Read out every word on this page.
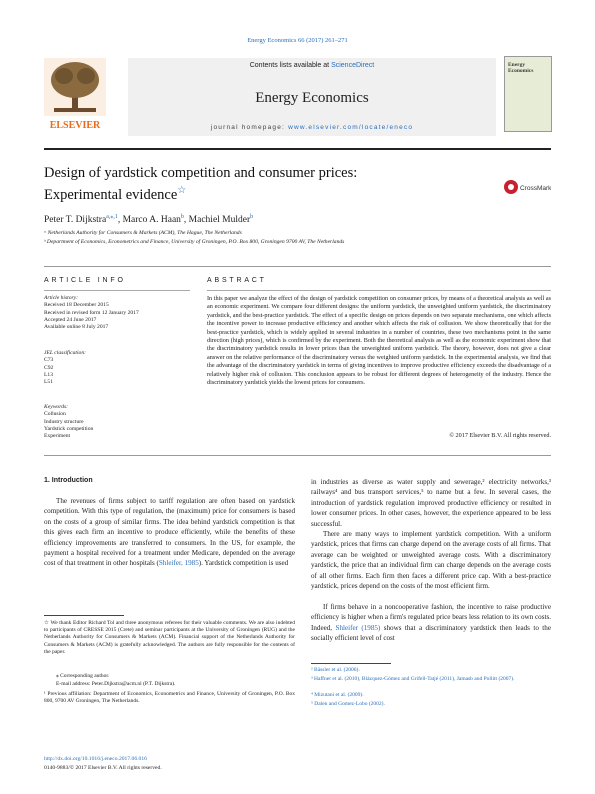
Energy Economics 66 (2017) 261–271
ELSEVIER
Contents lists available at ScienceDirect
Energy Economics
journal homepage: www.elsevier.com/locate/eneco
Energy Economics
Design of yardstick competition and consumer prices:
Experimental evidence☆	CrossMark
Peter T. Dijkstra$^{a,⁎,1}$, Marco A. Haan$^b$, Machiel Mulder$^b$
ᵃ Netherlands Authority for Consumers & Markets (ACM), The Hague, The Netherlands
ᵇ Department of Economics, Econometrics and Finance, University of Groningen, P.O. Box 800, Groningen 9700 AV, The Netherlands
ARTICLE INFO
Article history:
Received 18 December 2015
Received in revised form 12 January 2017
Accepted 24 June 2017
Available online 8 July 2017
JEL classification:
C73
C92
L13
L51
Keywords:
Collusion
Industry structure
Yardstick competition
Experiment
ABSTRACT
In this paper we analyze the effect of the design of yardstick competition on consumer prices, by means of a theoretical analysis as well as an economic experiment. We compare four different designs: the uniform yardstick, the unweighted uniform yardstick, the discriminatory yardstick, and the best-practice yardstick. The effect of a specific design on prices depends on two separate mechanisms, one which affects the incentive power to increase productive efficiency and another which affects the risk of collusion. We show theoretically that for the best-practice yardstick, which is widely applied in several industries in a number of countries, these two mechanisms point in the same direction (high prices), which is confirmed by the experiment. Both the theoretical analysis as well as the economic experiment show that the discriminatory yardstick results in lower prices than the unweighted uniform yardstick. The theory, however, does not give a clear answer on the relative performance of the discriminatory versus the weighted uniform yardstick. In the experimental analysis, we find that the advantage of the discriminatory yardstick in terms of giving incentives to improve productive efficiency exceeds the disadvantage of a relatively higher risk of collusion. This conclusion appears to be robust for different degrees of heterogeneity of the industry. Hence the discriminatory yardstick yields the lowest prices for consumers.
© 2017 Elsevier B.V. All rights reserved.
1. Introduction

The revenues of firms subject to tariff regulation are often based on yardstick competition. With this type of regulation, the (maximum) price for consumers is based on the costs of a group of similar firms. The idea behind yardstick competition is that this gives each firm an incentive to produce efficiently, while the benefits of these efficiency improvements are transferred to consumers. In the US, for example, the payment a hospital received for a treatment under Medicare, depended on the average cost of that treatment in other hospitals (Shleifer, 1985). Yardstick competition is used

☆ We thank Editor Richard Tol and three anonymous referees for their valuable comments. We are also indebted to participants of CRESSE 2015 (Crete) and seminar participants at the University of Groningen (RUG) and the Netherlands Authority for Consumers & Markets (ACM). Financial support of the Netherlands Authority for Consumers & Markets (ACM) is gratefully acknowledged. The authors are fully responsible for the contents of the paper.
⁎ Corresponding author.
E-mail address: Peter.Dijkstra@acm.nl (P.T. Dijkstra).
¹ Previous affiliation: Department of Economics, Econometrics and Finance, University of Groningen, P.O. Box 800, 9700 AV Groningen, The Netherlands.

in industries as diverse as water supply and sewerage,² electricity networks,³ railways⁴ and bus transport services,⁵ to name but a few. In several cases, the introduction of yardstick regulation improved productive efficiency or resulted in lower consumer prices. In other cases, however, the experience appeared to be less successful.

There are many ways to implement yardstick competition. With a uniform yardstick, prices that firms can charge depend on the average costs of all firms. That average can be weighted or unweighted average costs. With a discriminatory yardstick, the price that an individual firm can charge depends on the average costs of all other firms. Each firm then faces a different price cap. With a best-practice yardstick, prices depend on the costs of the most efficient firm.

If firms behave in a noncooperative fashion, the incentive to raise productive efficiency is higher when a firm's regulated price bears less relation to its own costs. Indeed, Shleifer (1985) shows that a discriminatory yardstick then leads to the socially efficient level of cost

² Bässler et al. (2006).
³ Haffner et al. (2010), Blázquez-Gómez and Grifell-Tatjé (2011), Jamasb and Pollitt (2007).
⁴ Mizutani et al. (2009).
⁵ Dalen and Gomez-Lobo (2002).
http://dx.doi.org/10.1016/j.eneco.2017.06.016
0140-9883/© 2017 Elsevier B.V. All rights reserved.
